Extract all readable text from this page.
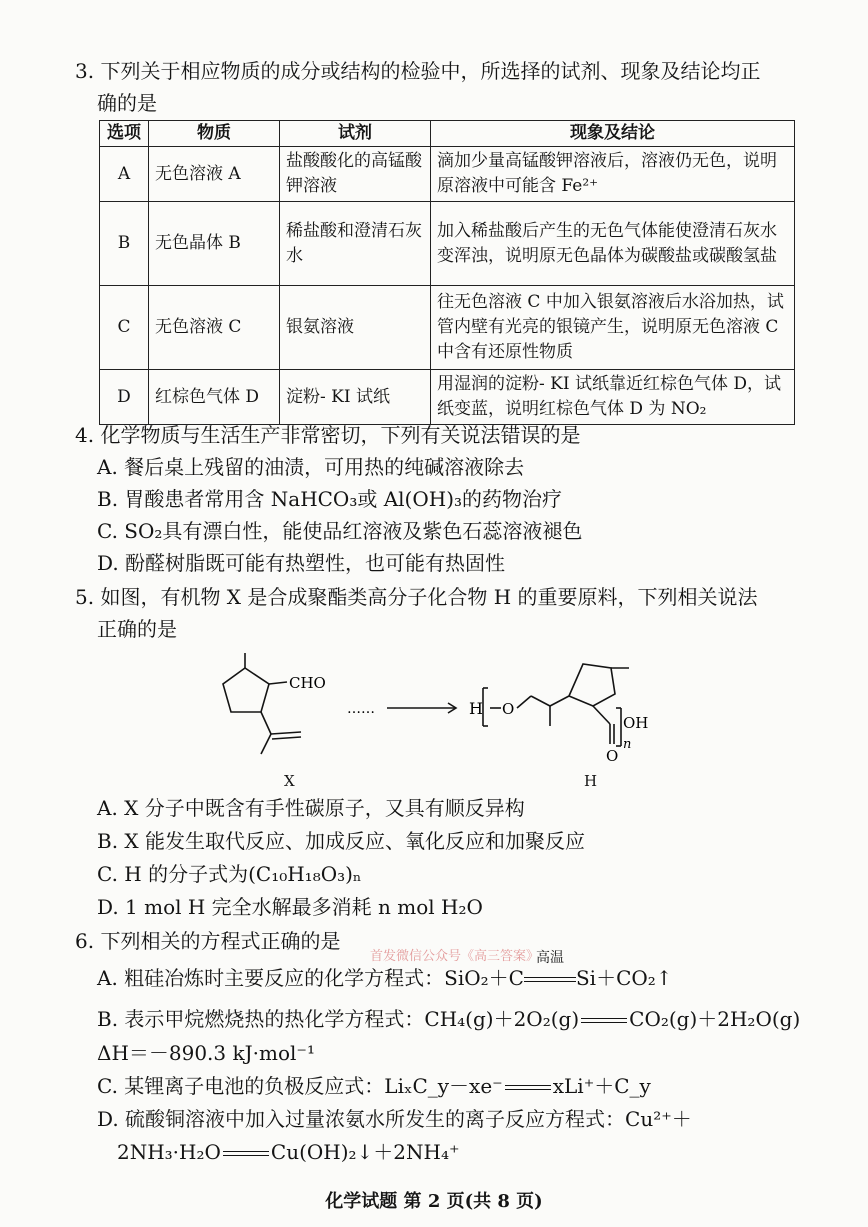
3. 下列关于相应物质的成分或结构的检验中，所选择的试剂、现象及结论均正
确的是
选项	物质	试剂	现象及结论
A	无色溶液 A	盐酸酸化的高锰酸钾溶液	滴加少量高锰酸钾溶液后，溶液仍无色，说明原溶液中可能含 Fe²⁺
B	无色晶体 B	稀盐酸和澄清石灰水	加入稀盐酸后产生的无色气体能使澄清石灰水变浑浊，说明原无色晶体为碳酸盐或碳酸氢盐
C	无色溶液 C	银氨溶液	往无色溶液 C 中加入银氨溶液后水浴加热，试管内壁有光亮的银镜产生，说明原无色溶液 C 中含有还原性物质
D	红棕色气体 D	淀粉- KI 试纸	用湿润的淀粉- KI 试纸靠近红棕色气体 D，试纸变蓝，说明红棕色气体 D 为 NO₂
4. 化学物质与生活生产非常密切，下列有关说法错误的是
A. 餐后桌上残留的油渍，可用热的纯碱溶液除去
B. 胃酸患者常用含 NaHCO₃或 Al(OH)₃的药物治疗
C. SO₂具有漂白性，能使品红溶液及紫色石蕊溶液褪色
D. 酚醛树脂既可能有热塑性，也可能有热固性
5. 如图，有机物 X 是合成聚酯类高分子化合物 H 的重要原料，下列相关说法
正确的是
CHO
……	H O
OH
O
n
X	H
A. X 分子中既含有手性碳原子，又具有顺反异构
B. X 能发生取代反应、加成反应、氧化反应和加聚反应
C. H 的分子式为(C₁₀H₁₈O₃)ₙ
D. 1 mol H 完全水解最多消耗 n mol H₂O
6. 下列相关的方程式正确的是
首发微信公众号《高三答案》
A. 粗硅冶炼时主要反应的化学方程式：SiO₂＋C
高温
Si＋CO₂↑
B. 表示甲烷燃烧热的热化学方程式：CH₄(g)＋2O₂(g)	CO₂(g)＋2H₂O(g)
ΔH＝－890.3 kJ·mol⁻¹
C. 某锂离子电池的负极反应式：LiₓC_y－xe⁻	xLi⁺＋C_y
D. 硫酸铜溶液中加入过量浓氨水所发生的离子反应方程式：Cu²⁺＋
2NH₃·H₂O	Cu(OH)₂↓＋2NH₄⁺
化学试题 第 2 页(共 8 页)
